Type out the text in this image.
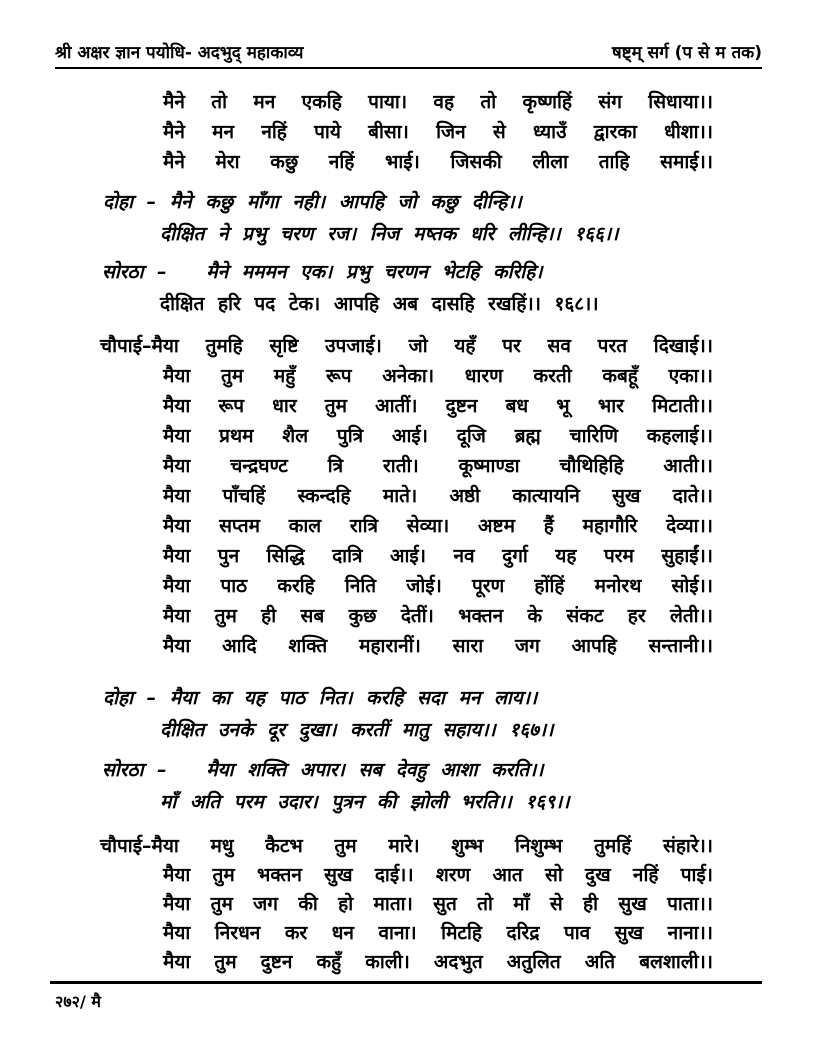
श्री अक्षर ज्ञान पयोधि- अदभुद् महाकाव्य	षष्ट्म् सर्ग (प से म तक)
मैने तो मन एकहि पाया। वह तो कृष्णहिं संग सिधाया।।
मैने मन नहिं पाये बीसा। जिन से ध्याउँ द्वारका धीशा।।
मैने मेरा कछु नहिं भाई। जिसकी लीला ताहि समाई।।
दोहा – मैने कछु माँगा नही। आपहि जो कछु दीन्हि।।
दीक्षित ने प्रभु चरण रज। निज मष्तक धरि लीन्हि।। १६६।।
सोरठा – मैने मममन एक। प्रभु चरणन भेटहि करिहि।
दीक्षित हरि पद टेक। आपहि अब दासहि रखहिं।। १६८।।
चौपाई –मैया तुमहि सृष्टि उपजाई। जो यहँ पर सव परत दिखाई।।
मैया तुम महुँ रूप अनेका। धारण करती कबहूँ एका।।
मैया रूप धार तुम आतीं। दुष्टन बध भू भार मिटाती।।
मैया प्रथम शैल पुत्रि आई। दूजि ब्रह्म चारिणि कहलाई।।
मैया चन्द्रघण्ट त्रि राती। कूष्माण्डा चौथिहिहि आती।।
मैया पाँचहिं स्कन्दहि माते। अष्ठी कात्यायनि सुख दाते।।
मैया सप्तम काल रात्रि सेव्या। अष्टम हैं महागौरि देव्या।।
मैया पुन सिद्धि दात्रि आई। नव दुर्गा यह परम सुहाईं।।
मैया पाठ करहि निति जोई। पूरण होंहिं मनोरथ सोई।।
मैया तुम ही सब कुछ देतीं। भक्तन के संकट हर लेती।।
मैया आदि शक्ति महारानीं। सारा जग आपहि सन्तानी।।
दोहा – मैया का यह पाठ नित। करहि सदा मन लाय।।
दीक्षित उनके दूर दुखा। करतीं मातु सहाय।। १६७।।
सोरठा – मैया शक्ति अपार। सब देवहु आशा करति।।
माँ अति परम उदार। पुत्रन की झोली भरति।। १६९।।
चौपाई –मैया मधु कैटभ तुम मारे। शुम्भ निशुम्भ तुमहिं संहारे।।
मैया तुम भक्तन सुख दाई।। शरण आत सो दुख नहिं पाई।
मैया तुम जग की हो माता। सुत तो माँ से ही सुख पाता।।
मैया निरधन कर धन वाना। मिटहि दरिद्र पाव सुख नाना।।
मैया तुम दुष्टन कहुँ काली। अदभुत अतुलित अति बलशाली।।
२७२/ मै
